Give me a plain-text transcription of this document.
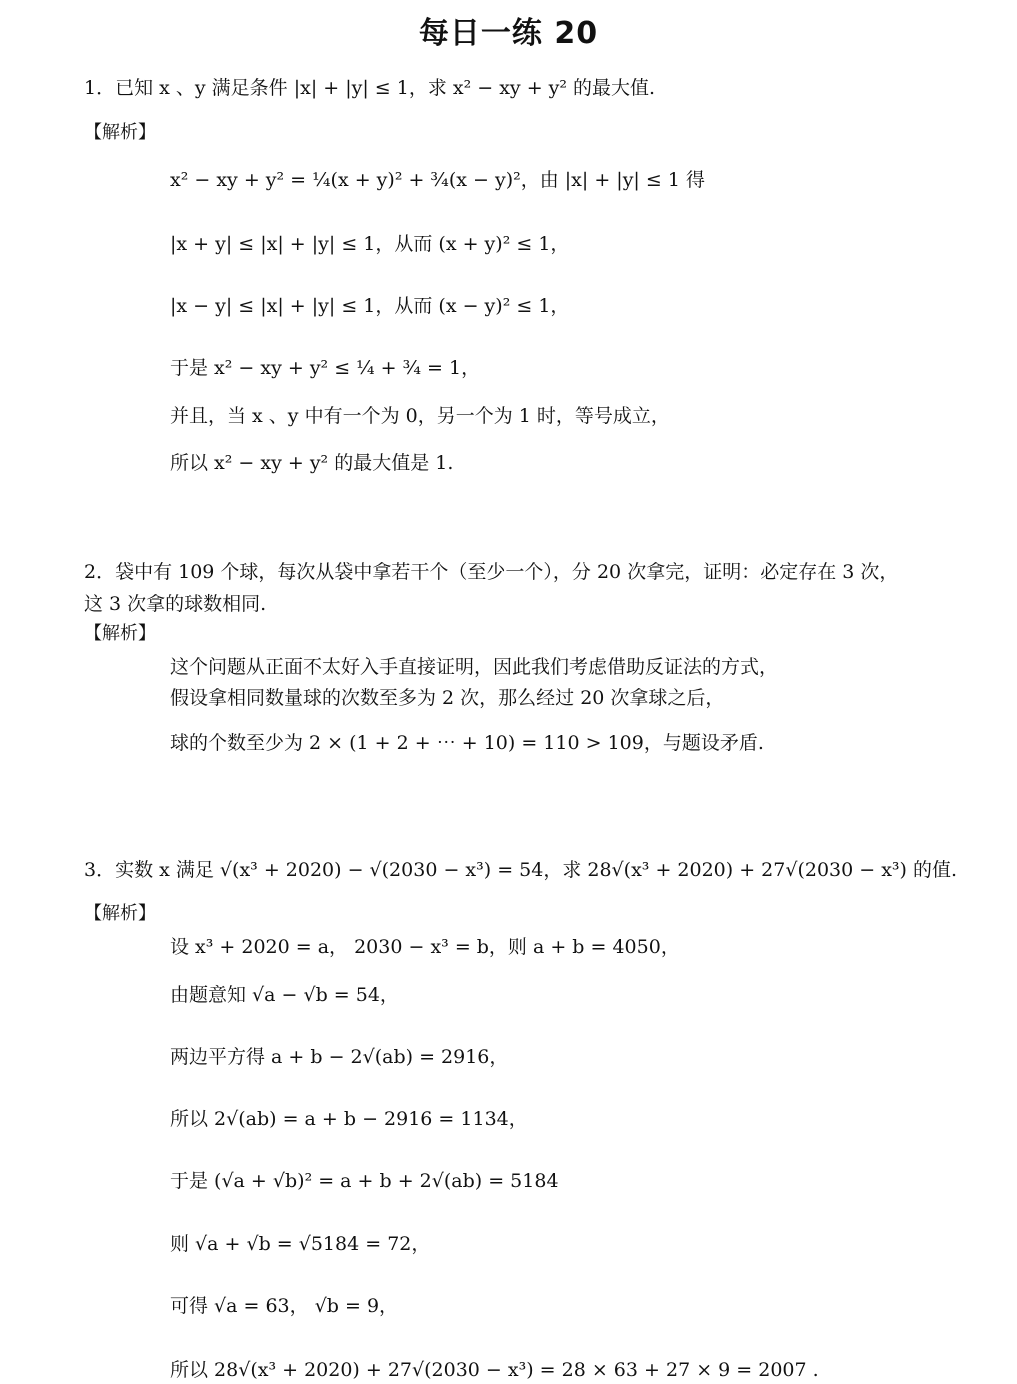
每日一练 20
1．已知 x 、y 满足条件 |x| + |y| ≤ 1，求 x² − xy + y² 的最大值.
【解析】
x² − xy + y² = ¼(x + y)² + ¾(x − y)²，由 |x| + |y| ≤ 1 得
|x + y| ≤ |x| + |y| ≤ 1，从而 (x + y)² ≤ 1，
|x − y| ≤ |x| + |y| ≤ 1，从而 (x − y)² ≤ 1，
于是 x² − xy + y² ≤ ¼ + ¾ = 1，
并且，当 x 、y 中有一个为 0，另一个为 1 时，等号成立，
所以 x² − xy + y² 的最大值是 1.
2．袋中有 109 个球，每次从袋中拿若干个（至少一个），分 20 次拿完，证明：必定存在 3 次，
这 3 次拿的球数相同.
【解析】
这个问题从正面不太好入手直接证明，因此我们考虑借助反证法的方式，
假设拿相同数量球的次数至多为 2 次，那么经过 20 次拿球之后，
球的个数至少为 2 × (1 + 2 + ⋯ + 10) = 110 > 109，与题设矛盾.
3．实数 x 满足 √(x³ + 2020) − √(2030 − x³) = 54，求 28√(x³ + 2020) + 27√(2030 − x³) 的值.
【解析】
设 x³ + 2020 = a， 2030 − x³ = b，则 a + b = 4050，
由题意知 √a − √b = 54，
两边平方得 a + b − 2√(ab) = 2916，
所以 2√(ab) = a + b − 2916 = 1134，
于是 (√a + √b)² = a + b + 2√(ab) = 5184
则 √a + √b = √5184 = 72，
可得 √a = 63， √b = 9，
所以 28√(x³ + 2020) + 27√(2030 − x³) = 28 × 63 + 27 × 9 = 2007 .
